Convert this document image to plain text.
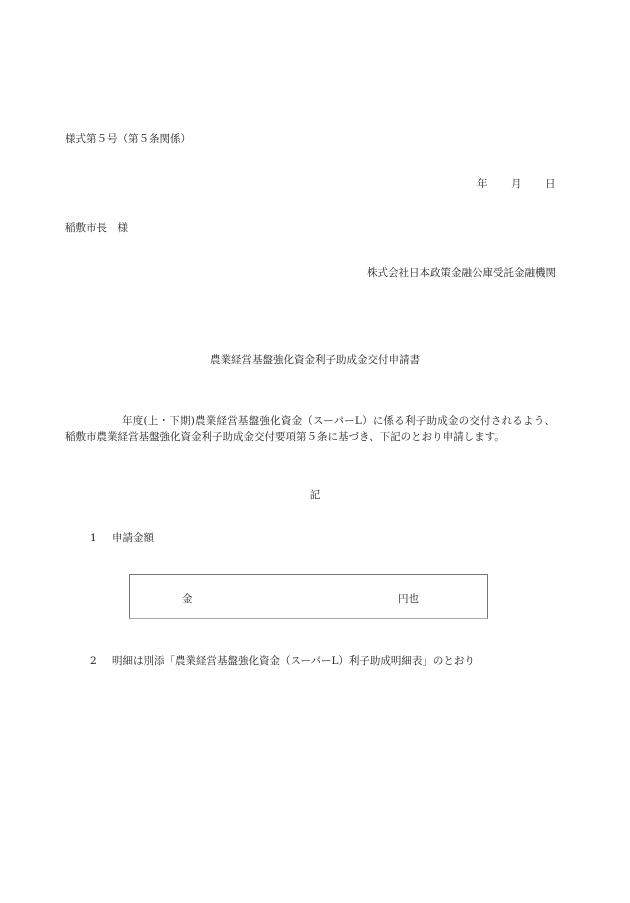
様式第５号（第５条関係）
年 月 日
稲敷市長　様
株式会社日本政策金融公庫受託金融機関
農業経営基盤強化資金利子助成金交付申請書
年度(上・下期)農業経営基盤強化資金（スーパーL）に係る利子助成金の交付されるよう、稲敷市農業経営基盤強化資金利子助成金交付要項第５条に基づき、下記のとおり申請します。
記
1 申請金額
金	円也
2 明細は別添「農業経営基盤強化資金（スーパーL）利子助成明細表」のとおり
